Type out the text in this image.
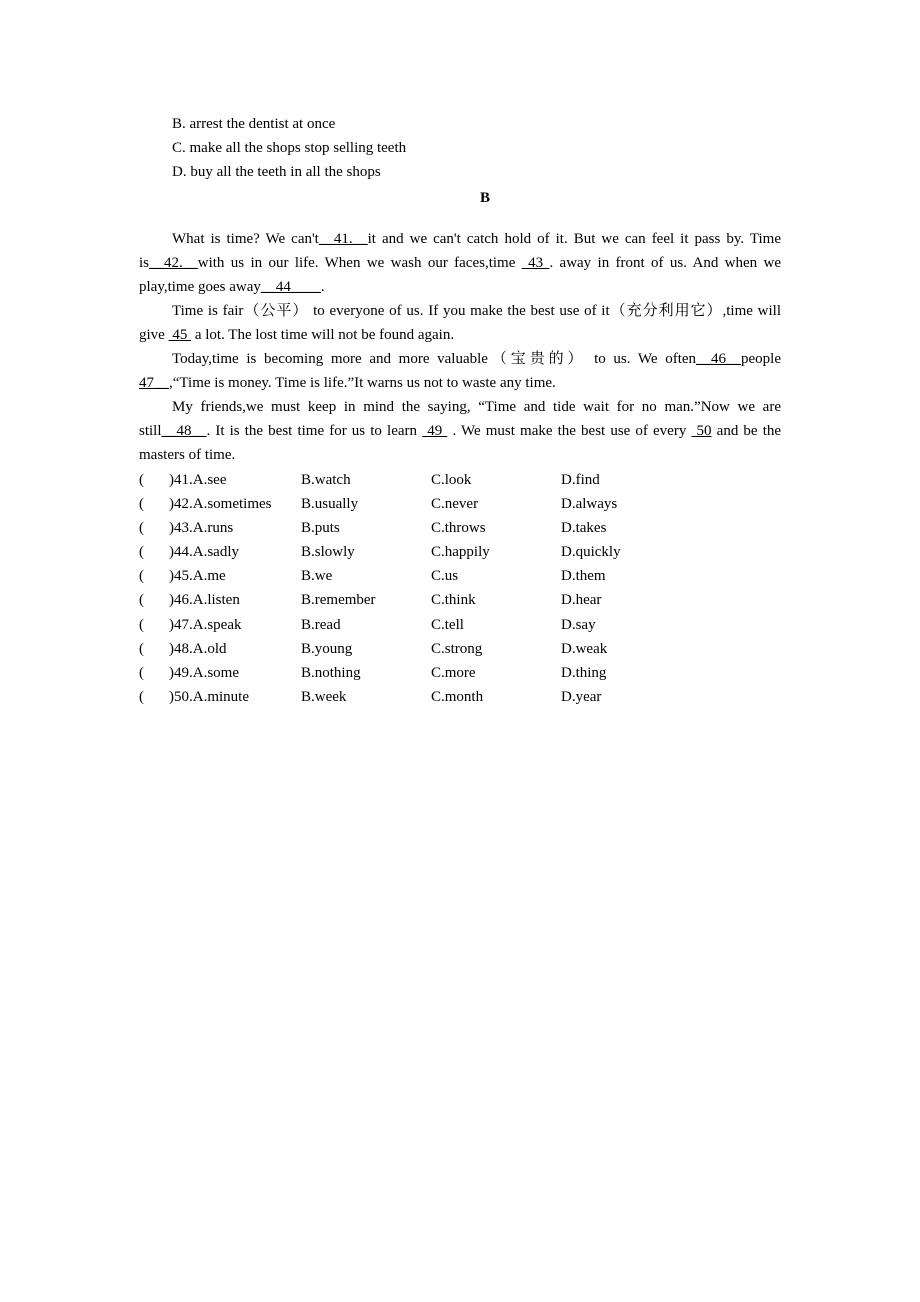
B. arrest the dentist at once

C. make all the shops stop selling teeth

D. buy all the teeth in all the shops

B

What is time? We can't__41.__it and we can't catch hold of it. But we can feel it pass by. Time is__42.__with us in our life. When we wash our faces,time  43 . away in front of us. And when we play,time goes away__44____.

Time is fair（公平） to everyone of us. If you make the best use of it（充分利用它）,time will give  45  a lot. The lost time will not be found again.

Today,time is becoming more and more valuable（宝贵的） to us. We often__46__people 47__,“Time is money. Time is life.”It warns us not to waste any time.

My friends,we must keep in mind the saying, “Time and tide wait for no man.”Now we are still__48__. It is the best time for us to learn  49  . We must make the best use of every  50 and be the masters of time.

( )41.A.see	B.watch	C.look	D.find
( )42.A.sometimes B.usually	C.never	D.always
( )43.A.runs	B.puts	C.throws	D.takes
( )44.A.sadly	B.slowly	C.happily	D.quickly
( )45.A.me	B.we	C.us	D.them
( )46.A.listen	B.remember	C.think	D.hear
( )47.A.speak	B.read	C.tell	D.say
( )48.A.old	B.young	C.strong	D.weak
( )49.A.some	B.nothing	C.more	D.thing
( )50.A.minute	B.week	C.month	D.year
